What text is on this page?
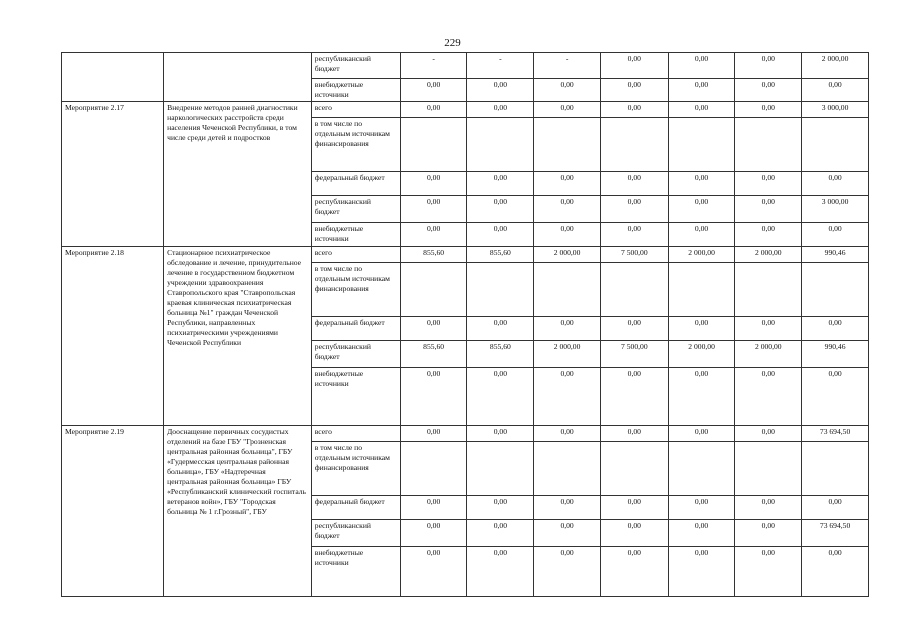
229
		республиканский бюджет	-	-	-	0,00	0,00	0,00	2 000,00
		внебюджетные источники	0,00	0,00	0,00	0,00	0,00	0,00	0,00
Мероприятие 2.17	Внедрение методов ранней диагностики наркологических расстройств среди населения Чеченской Республики, в том числе среди детей и подростков	всего	0,00	0,00	0,00	0,00	0,00	0,00	3 000,00
		в том числе по отдельным источникам финансирования							
		федеральный бюджет	0,00	0,00	0,00	0,00	0,00	0,00	0,00
		республиканский бюджет	0,00	0,00	0,00	0,00	0,00	0,00	3 000,00
		внебюджетные источники	0,00	0,00	0,00	0,00	0,00	0,00	0,00
Мероприятие 2.18	Стационарное психиатрическое обследование и лечение, принудительное лечение в государственном бюджетном учреждении здравоохранения Ставропольского края "Ставропольская краевая клиническая психиатрическая больница №1" граждан Чеченской Республики, направленных психиатрическими учреждениями Чеченской Республики	всего	855,60	855,60	2 000,00	7 500,00	2 000,00	2 000,00	990,46
		в том числе по отдельным источникам финансирования							
		федеральный бюджет	0,00	0,00	0,00	0,00	0,00	0,00	0,00
		республиканский бюджет	855,60	855,60	2 000,00	7 500,00	2 000,00	2 000,00	990,46
		внебюджетные источники	0,00	0,00	0,00	0,00	0,00	0,00	0,00
Мероприятие 2.19	Дооснащение первичных сосудистых отделений на базе ГБУ "Грозненская центральная районная больница", ГБУ «Гудермесская центральная районная больница», ГБУ «Надтеречная центральная районная больница» ГБУ «Республиканский клинический госпиталь ветеранов войн», ГБУ "Городская больница № 1 г.Грозный", ГБУ	всего	0,00	0,00	0,00	0,00	0,00	0,00	73 694,50
		в том числе по отдельным источникам финансирования							
		федеральный бюджет	0,00	0,00	0,00	0,00	0,00	0,00	0,00
		республиканский бюджет	0,00	0,00	0,00	0,00	0,00	0,00	73 694,50
		внебюджетные источники	0,00	0,00	0,00	0,00	0,00	0,00	0,00
